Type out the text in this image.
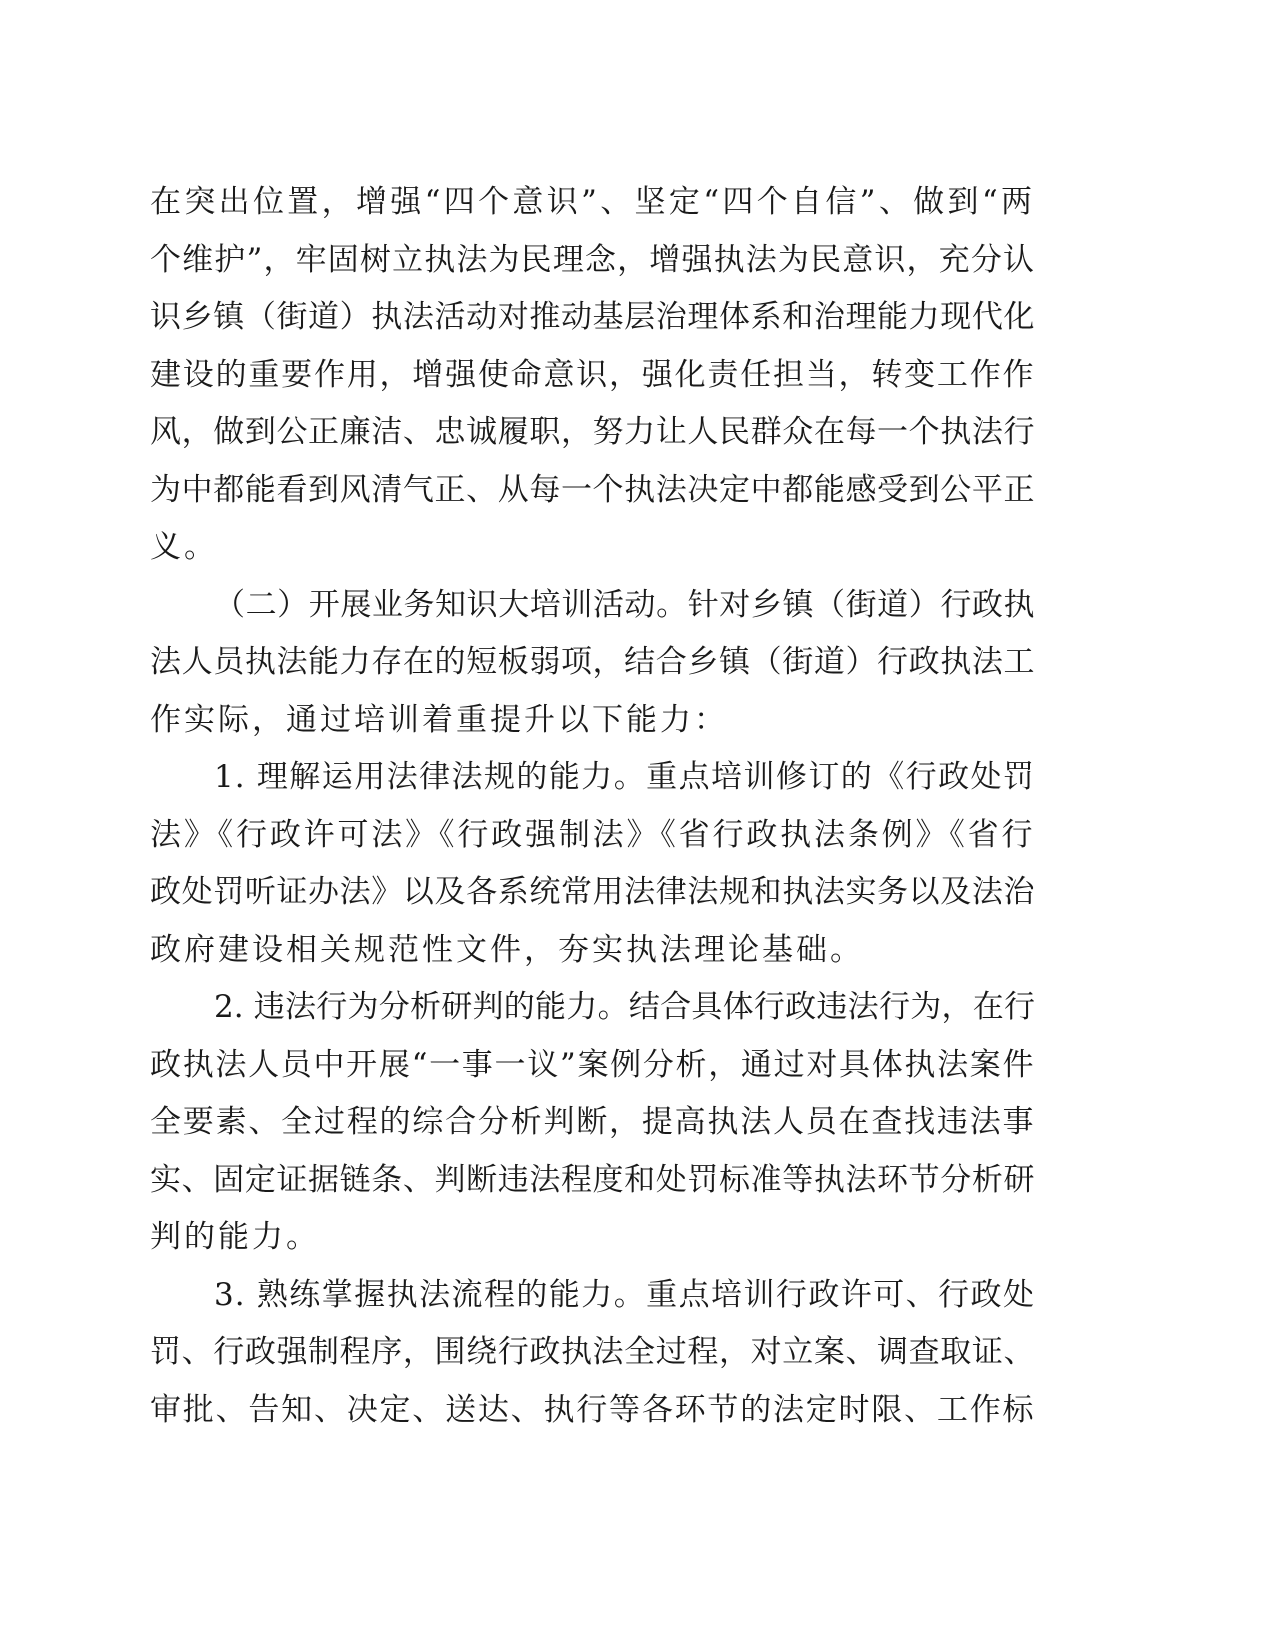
在突出位置，增强“四个意识”、坚定“四个自信”、做到“两
个维护”，牢固树立执法为民理念，增强执法为民意识，充分认
识乡镇（街道）执法活动对推动基层治理体系和治理能力现代化
建设的重要作用，增强使命意识，强化责任担当，转变工作作
风，做到公正廉洁、忠诚履职，努力让人民群众在每一个执法行
为中都能看到风清气正、从每一个执法决定中都能感受到公平正
义。
（二）开展业务知识大培训活动。针对乡镇（街道）行政执
法人员执法能力存在的短板弱项，结合乡镇（街道）行政执法工
作实际，通过培训着重提升以下能力：
1. 理解运用法律法规的能力。重点培训修订的《行政处罚
法》《行政许可法》《行政强制法》《省行政执法条例》《省行
政处罚听证办法》以及各系统常用法律法规和执法实务以及法治
政府建设相关规范性文件，夯实执法理论基础。
2. 违法行为分析研判的能力。结合具体行政违法行为，在行
政执法人员中开展“一事一议”案例分析，通过对具体执法案件
全要素、全过程的综合分析判断，提高执法人员在查找违法事
实、固定证据链条、判断违法程度和处罚标准等执法环节分析研
判的能力。
3. 熟练掌握执法流程的能力。重点培训行政许可、行政处
罚、行政强制程序，围绕行政执法全过程，对立案、调查取证、
审批、告知、决定、送达、执行等各环节的法定时限、工作标
